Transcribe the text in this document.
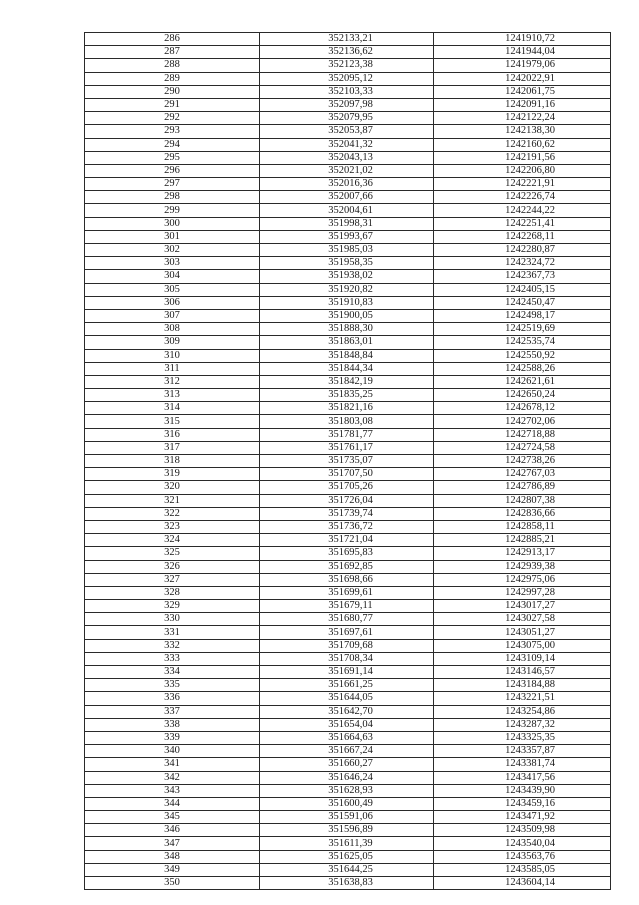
286	352133,21	1241910,72
287	352136,62	1241944,04
288	352123,38	1241979,06
289	352095,12	1242022,91
290	352103,33	1242061,75
291	352097,98	1242091,16
292	352079,95	1242122,24
293	352053,87	1242138,30
294	352041,32	1242160,62
295	352043,13	1242191,56
296	352021,02	1242206,80
297	352016,36	1242221,91
298	352007,66	1242226,74
299	352004,61	1242244,22
300	351998,31	1242251,41
301	351993,67	1242268,11
302	351985,03	1242280,87
303	351958,35	1242324,72
304	351938,02	1242367,73
305	351920,82	1242405,15
306	351910,83	1242450,47
307	351900,05	1242498,17
308	351888,30	1242519,69
309	351863,01	1242535,74
310	351848,84	1242550,92
311	351844,34	1242588,26
312	351842,19	1242621,61
313	351835,25	1242650,24
314	351821,16	1242678,12
315	351803,08	1242702,06
316	351781,77	1242718,88
317	351761,17	1242724,58
318	351735,07	1242738,26
319	351707,50	1242767,03
320	351705,26	1242786,89
321	351726,04	1242807,38
322	351739,74	1242836,66
323	351736,72	1242858,11
324	351721,04	1242885,21
325	351695,83	1242913,17
326	351692,85	1242939,38
327	351698,66	1242975,06
328	351699,61	1242997,28
329	351679,11	1243017,27
330	351680,77	1243027,58
331	351697,61	1243051,27
332	351709,68	1243075,00
333	351708,34	1243109,14
334	351691,14	1243146,57
335	351661,25	1243184,88
336	351644,05	1243221,51
337	351642,70	1243254,86
338	351654,04	1243287,32
339	351664,63	1243325,35
340	351667,24	1243357,87
341	351660,27	1243381,74
342	351646,24	1243417,56
343	351628,93	1243439,90
344	351600,49	1243459,16
345	351591,06	1243471,92
346	351596,89	1243509,98
347	351611,39	1243540,04
348	351625,05	1243563,76
349	351644,25	1243585,05
350	351638,83	1243604,14
